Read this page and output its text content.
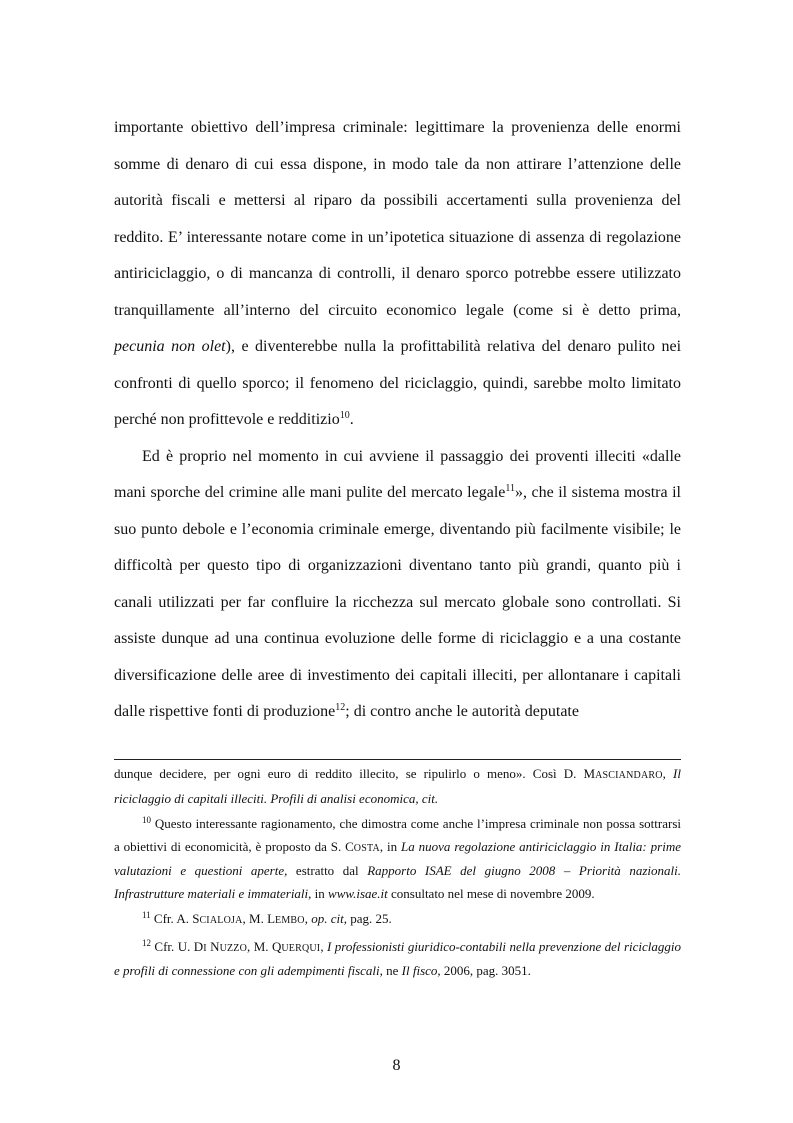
importante obiettivo dell’impresa criminale: legittimare la provenienza delle enormi somme di denaro di cui essa dispone, in modo tale da non attirare l’attenzione delle autorità fiscali e mettersi al riparo da possibili accertamenti sulla provenienza del reddito. E’ interessante notare come in un’ipotetica situazione di assenza di regolazione antiriciclaggio, o di mancanza di controlli, il denaro sporco potrebbe essere utilizzato tranquillamente all’interno del circuito economico legale (come si è detto prima, pecunia non olet), e diventerebbe nulla la profittabilità relativa del denaro pulito nei confronti di quello sporco; il fenomeno del riciclaggio, quindi, sarebbe molto limitato perché non profittevole e redditizio$^{10}$.

Ed è proprio nel momento in cui avviene il passaggio dei proventi illeciti «dalle mani sporche del crimine alle mani pulite del mercato legale$^{11}$», che il sistema mostra il suo punto debole e l’economia criminale emerge, diventando più facilmente visibile; le difficoltà per questo tipo di organizzazioni diventano tanto più grandi, quanto più i canali utilizzati per far confluire la ricchezza sul mercato globale sono controllati. Si assiste dunque ad una continua evoluzione delle forme di riciclaggio e a una costante diversificazione delle aree di investimento dei capitali illeciti, per allontanare i capitali dalle rispettive fonti di produzione$^{12}$; di contro anche le autorità deputate

dunque decidere, per ogni euro di reddito illecito, se ripulirlo o meno». Così D. MASCIANDARO, Il riciclaggio di capitali illeciti. Profili di analisi economica, cit.

$^{10}$ Questo interessante ragionamento, che dimostra come anche l’impresa criminale non possa sottrarsi a obiettivi di economicità, è proposto da S. COSTA, in La nuova regolazione antiriciclaggio in Italia: prime valutazioni e questioni aperte, estratto dal Rapporto ISAE del giugno 2008 – Priorità nazionali. Infrastrutture materiali e immateriali, in www.isae.it consultato nel mese di novembre 2009.

$^{11}$ Cfr. A. SCIALOJA, M. LEMBO, op. cit, pag. 25.

$^{12}$ Cfr. U. DI NUZZO, M. QUERQUI, I professionisti giuridico-contabili nella prevenzione del riciclaggio e profili di connessione con gli adempimenti fiscali, ne Il fisco, 2006, pag. 3051.

8
